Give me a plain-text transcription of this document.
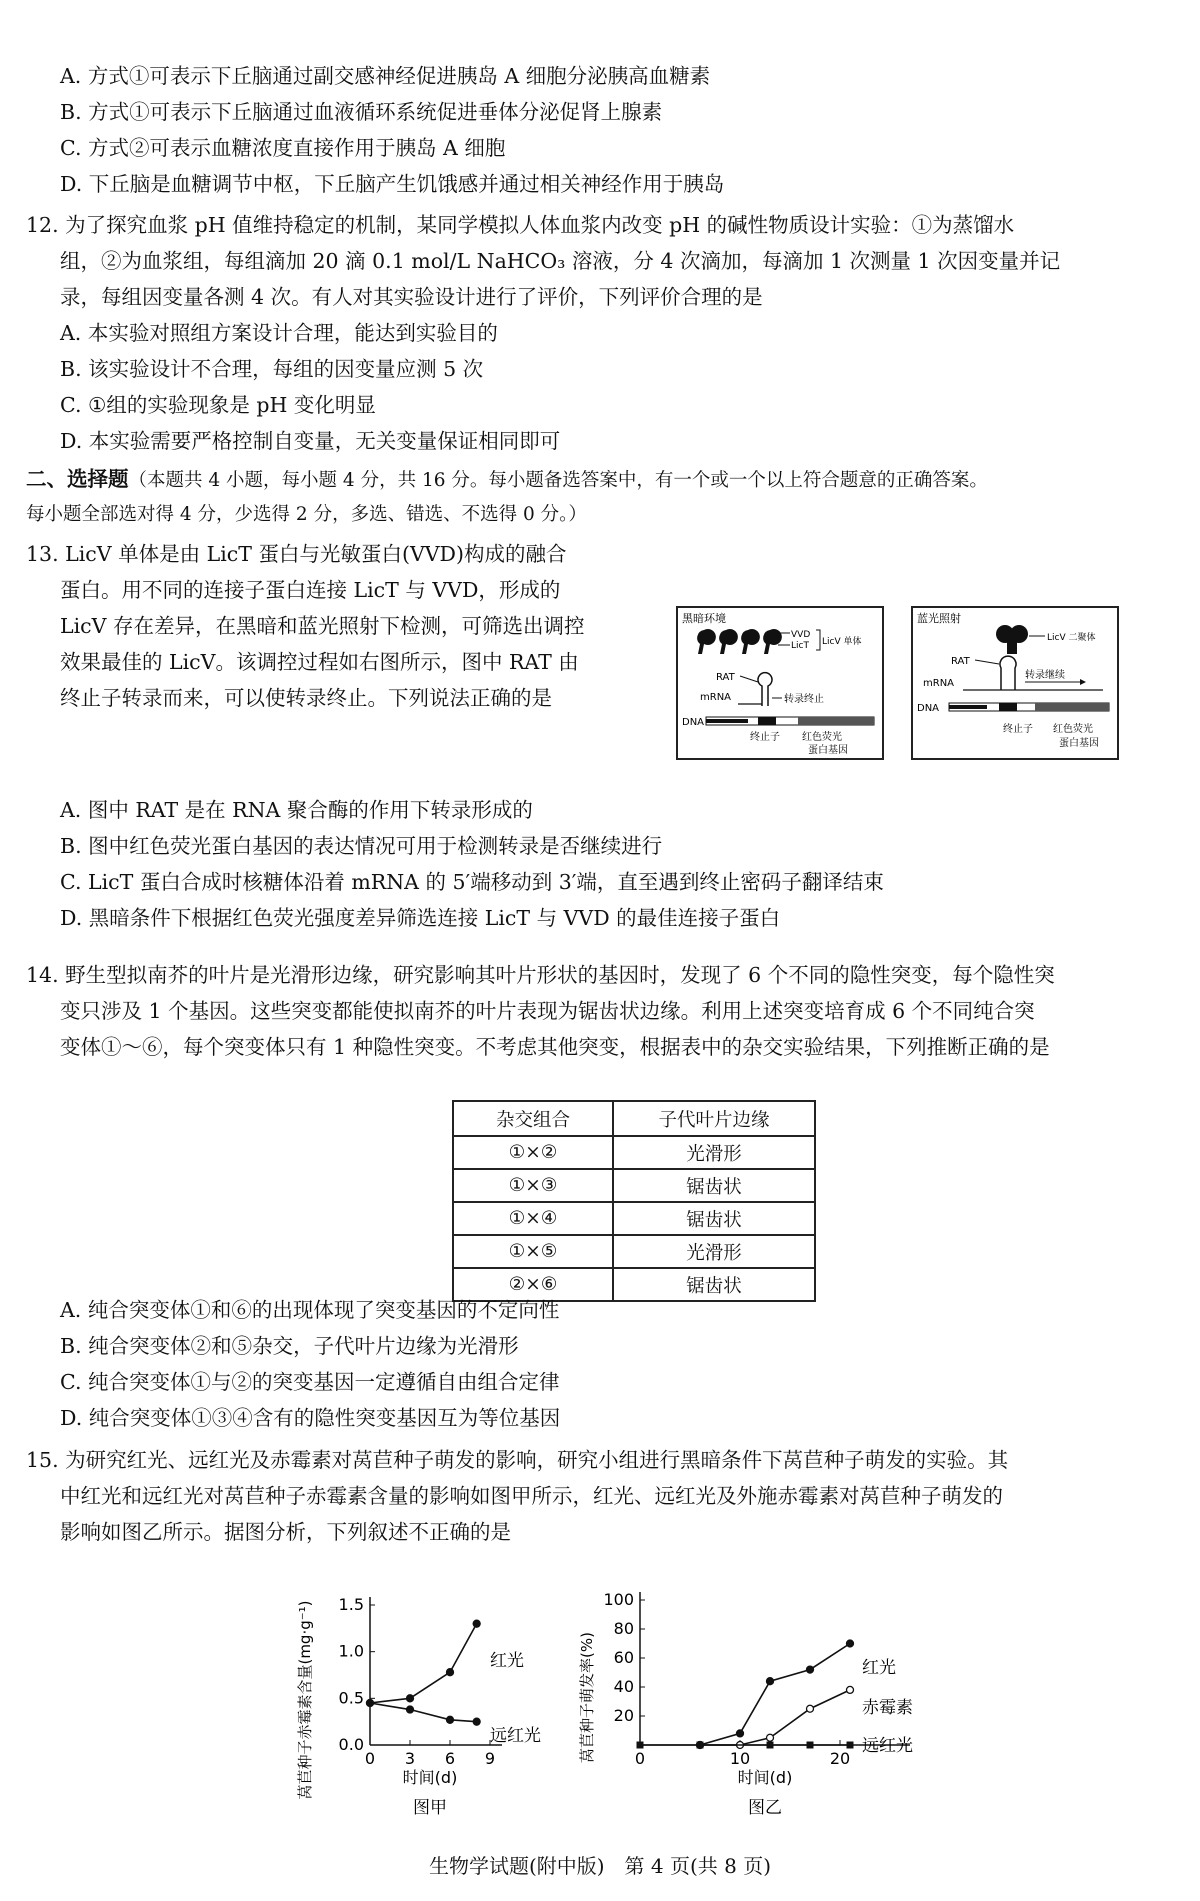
A. 方式①可表示下丘脑通过副交感神经促进胰岛 A 细胞分泌胰高血糖素
B. 方式①可表示下丘脑通过血液循环系统促进垂体分泌促肾上腺素
C. 方式②可表示血糖浓度直接作用于胰岛 A 细胞
D. 下丘脑是血糖调节中枢，下丘脑产生饥饿感并通过相关神经作用于胰岛
12. 为了探究血浆 pH 值维持稳定的机制，某同学模拟人体血浆内改变 pH 的碱性物质设计实验：①为蒸馏水
组，②为血浆组，每组滴加 20 滴 0.1 mol/L NaHCO₃ 溶液，分 4 次滴加，每滴加 1 次测量 1 次因变量并记
录，每组因变量各测 4 次。有人对其实验设计进行了评价，下列评价合理的是
A. 本实验对照组方案设计合理，能达到实验目的
B. 该实验设计不合理，每组的因变量应测 5 次
C. ①组的实验现象是 pH 变化明显
D. 本实验需要严格控制自变量，无关变量保证相同即可
二、选择题（本题共 4 小题，每小题 4 分，共 16 分。每小题备选答案中，有一个或一个以上符合题意的正确答案。
每小题全部选对得 4 分，少选得 2 分，多选、错选、不选得 0 分。）
13. LicV 单体是由 LicT 蛋白与光敏蛋白(VVD)构成的融合
蛋白。用不同的连接子蛋白连接 LicT 与 VVD，形成的
LicV 存在差异，在黑暗和蓝光照射下检测，可筛选出调控
效果最佳的 LicV。该调控过程如右图所示，图中 RAT 由
终止子转录而来，可以使转录终止。下列说法正确的是
黑暗环境
VVD
LicT LicV 单体
RAT
mRNA	转录终止
DNA
终止子 红色荧光
蛋白基因
蓝光照射
LicV 二聚体
RAT
mRNA
转录继续
DNA
终止子 红色荧光
蛋白基因
A. 图中 RAT 是在 RNA 聚合酶的作用下转录形成的
B. 图中红色荧光蛋白基因的表达情况可用于检测转录是否继续进行
C. LicT 蛋白合成时核糖体沿着 mRNA 的 5′端移动到 3′端，直至遇到终止密码子翻译结束
D. 黑暗条件下根据红色荧光强度差异筛选连接 LicT 与 VVD 的最佳连接子蛋白
14. 野生型拟南芥的叶片是光滑形边缘，研究影响其叶片形状的基因时，发现了 6 个不同的隐性突变，每个隐性突
变只涉及 1 个基因。这些突变都能使拟南芥的叶片表现为锯齿状边缘。利用上述突变培育成 6 个不同纯合突
变体①～⑥，每个突变体只有 1 种隐性突变。不考虑其他突变，根据表中的杂交实验结果，下列推断正确的是
杂交组合	子代叶片边缘
①×②	光滑形
①×③	锯齿状
①×④	锯齿状
①×⑤	光滑形
②×⑥	锯齿状
A. 纯合突变体①和⑥的出现体现了突变基因的不定向性
B. 纯合突变体②和⑤杂交，子代叶片边缘为光滑形
C. 纯合突变体①与②的突变基因一定遵循自由组合定律
D. 纯合突变体①③④含有的隐性突变基因互为等位基因
15. 为研究红光、远红光及赤霉素对莴苣种子萌发的影响，研究小组进行黑暗条件下莴苣种子萌发的实验。其
中红光和远红光对莴苣种子赤霉素含量的影响如图甲所示，红光、远红光及外施赤霉素对莴苣种子萌发的
影响如图乙所示。据图分析，下列叙述不正确的是
0.0
0.5
1.0
1.5
0 3 6 9
时间(d)
莴苣种子赤霉素含量(mg·g⁻¹)
图甲
红光
远红光
20
40
60
80
100
0	10	20
时间(d)
莴苣种子萌发率(%)
图乙
红光
赤霉素
远红光
生物学试题(附中版)　第 4 页(共 8 页)
